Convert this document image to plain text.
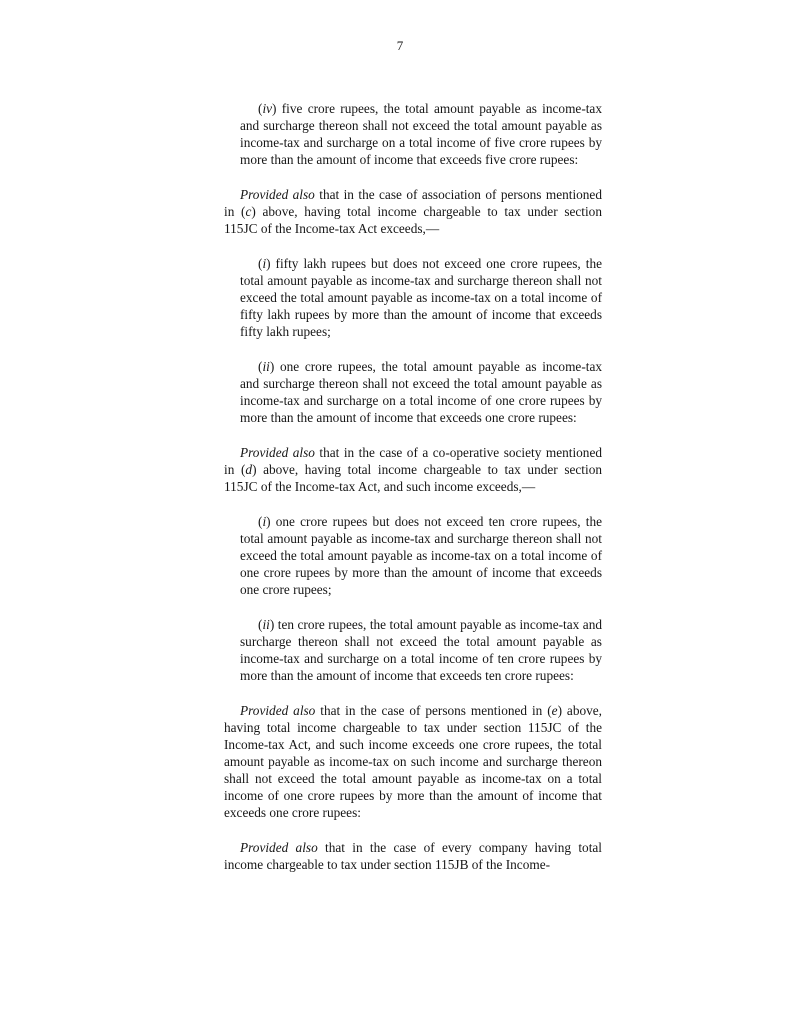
7

(iv) five crore rupees, the total amount payable as income-tax and surcharge thereon shall not exceed the total amount payable as income-tax and surcharge on a total income of five crore rupees by more than the amount of income that exceeds five crore rupees:

Provided also that in the case of association of persons mentioned in (c) above, having total income chargeable to tax under section 115JC of the Income-tax Act exceeds,—

(i) fifty lakh rupees but does not exceed one crore rupees, the total amount payable as income-tax and surcharge thereon shall not exceed the total amount payable as income-tax on a total income of fifty lakh rupees by more than the amount of income that exceeds fifty lakh rupees;

(ii) one crore rupees, the total amount payable as income-tax and surcharge thereon shall not exceed the total amount payable as income-tax and surcharge on a total income of one crore rupees by more than the amount of income that exceeds one crore rupees:

Provided also that in the case of a co-operative society mentioned in (d) above, having total income chargeable to tax under section 115JC of the Income-tax Act, and such income exceeds,—

(i) one crore rupees but does not exceed ten crore rupees, the total amount payable as income-tax and surcharge thereon shall not exceed the total amount payable as income-tax on a total income of one crore rupees by more than the amount of income that exceeds one crore rupees;

(ii) ten crore rupees, the total amount payable as income-tax and surcharge thereon shall not exceed the total amount payable as income-tax and surcharge on a total income of ten crore rupees by more than the amount of income that exceeds ten crore rupees:

Provided also that in the case of persons mentioned in (e) above, having total income chargeable to tax under section 115JC of the Income-tax Act, and such income exceeds one crore rupees, the total amount payable as income-tax on such income and surcharge thereon shall not exceed the total amount payable as income-tax on a total income of one crore rupees by more than the amount of income that exceeds one crore rupees:

Provided also that in the case of every company having total income chargeable to tax under section 115JB of the Income-
